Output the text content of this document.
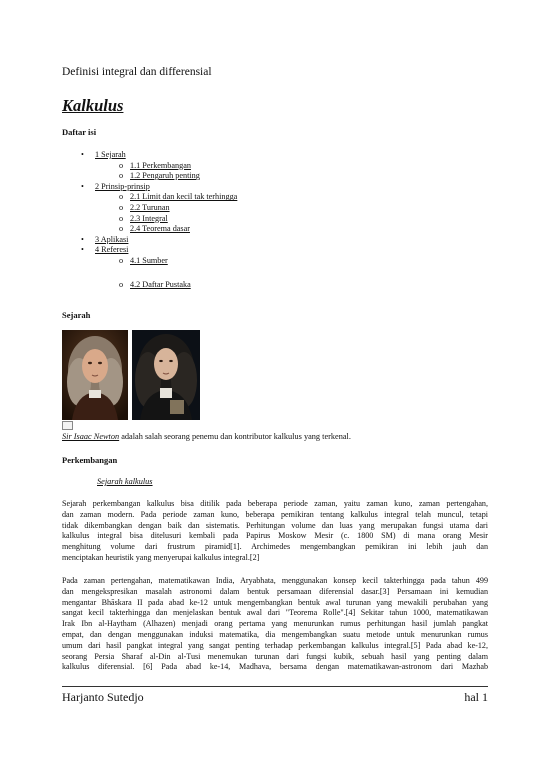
Definisi integral dan differensial
Kalkulus
Daftar isi
• 1 Sejarah
o 1.1 Perkembangan
o 1.2 Pengaruh penting
• 2 Prinsip-prinsip
o 2.1 Limit dan kecil tak terhingga
o 2.2 Turunan
o 2.3 Integral
o 2.4 Teorema dasar
• 3 Aplikasi
• 4 Referesi
o 4.1 Sumber
o 4.2 Daftar Pustaka
Sejarah
Sir Isaac Newton adalah salah seorang penemu dan kontributor kalkulus yang terkenal.
Perkembangan
Sejarah kalkulus
Sejarah perkembangan kalkulus bisa ditilik pada beberapa periode zaman, yaitu zaman kuno, zaman pertengahan,
dan zaman modern. Pada periode zaman kuno, beberapa pemikiran tentang kalkulus integral telah muncul, tetapi
tidak dikembangkan dengan baik dan sistematis. Perhitungan volume dan luas yang merupakan fungsi utama dari
kalkulus integral bisa ditelusuri kembali pada Papirus Moskow Mesir (c. 1800 SM) di mana orang Mesir
menghitung volume dari frustrum piramid[1]. Archimedes mengembangkan pemikiran ini lebih jauh dan
menciptakan heuristik yang menyerupai kalkulus integral.[2]
Pada zaman pertengahan, matematikawan India, Aryabhata, menggunakan konsep kecil takterhingga pada tahun 499
dan mengekspresikan masalah astronomi dalam bentuk persamaan diferensial dasar.[3] Persamaan ini kemudian
mengantar Bhāskara II pada abad ke-12 untuk mengembangkan bentuk awal turunan yang mewakili perubahan yang
sangat kecil takterhingga dan menjelaskan bentuk awal dari "Teorema Rolle".[4] Sekitar tahun 1000, matematikawan
Irak Ibn al-Haytham (Alhazen) menjadi orang pertama yang menurunkan rumus perhitungan hasil jumlah pangkat
empat, dan dengan menggunakan induksi matematika, dia mengembangkan suatu metode untuk menurunkan rumus
umum dari hasil pangkat integral yang sangat penting terhadap perkembangan kalkulus integral.[5] Pada abad ke-12,
seorang Persia Sharaf al-Din al-Tusi menemukan turunan dari fungsi kubik, sebuah hasil yang penting dalam
kalkulus diferensial. [6] Pada abad ke-14, Madhava, bersama dengan matematikawan-astronom dari Mazhab
Harjanto Sutedjo	hal 1
